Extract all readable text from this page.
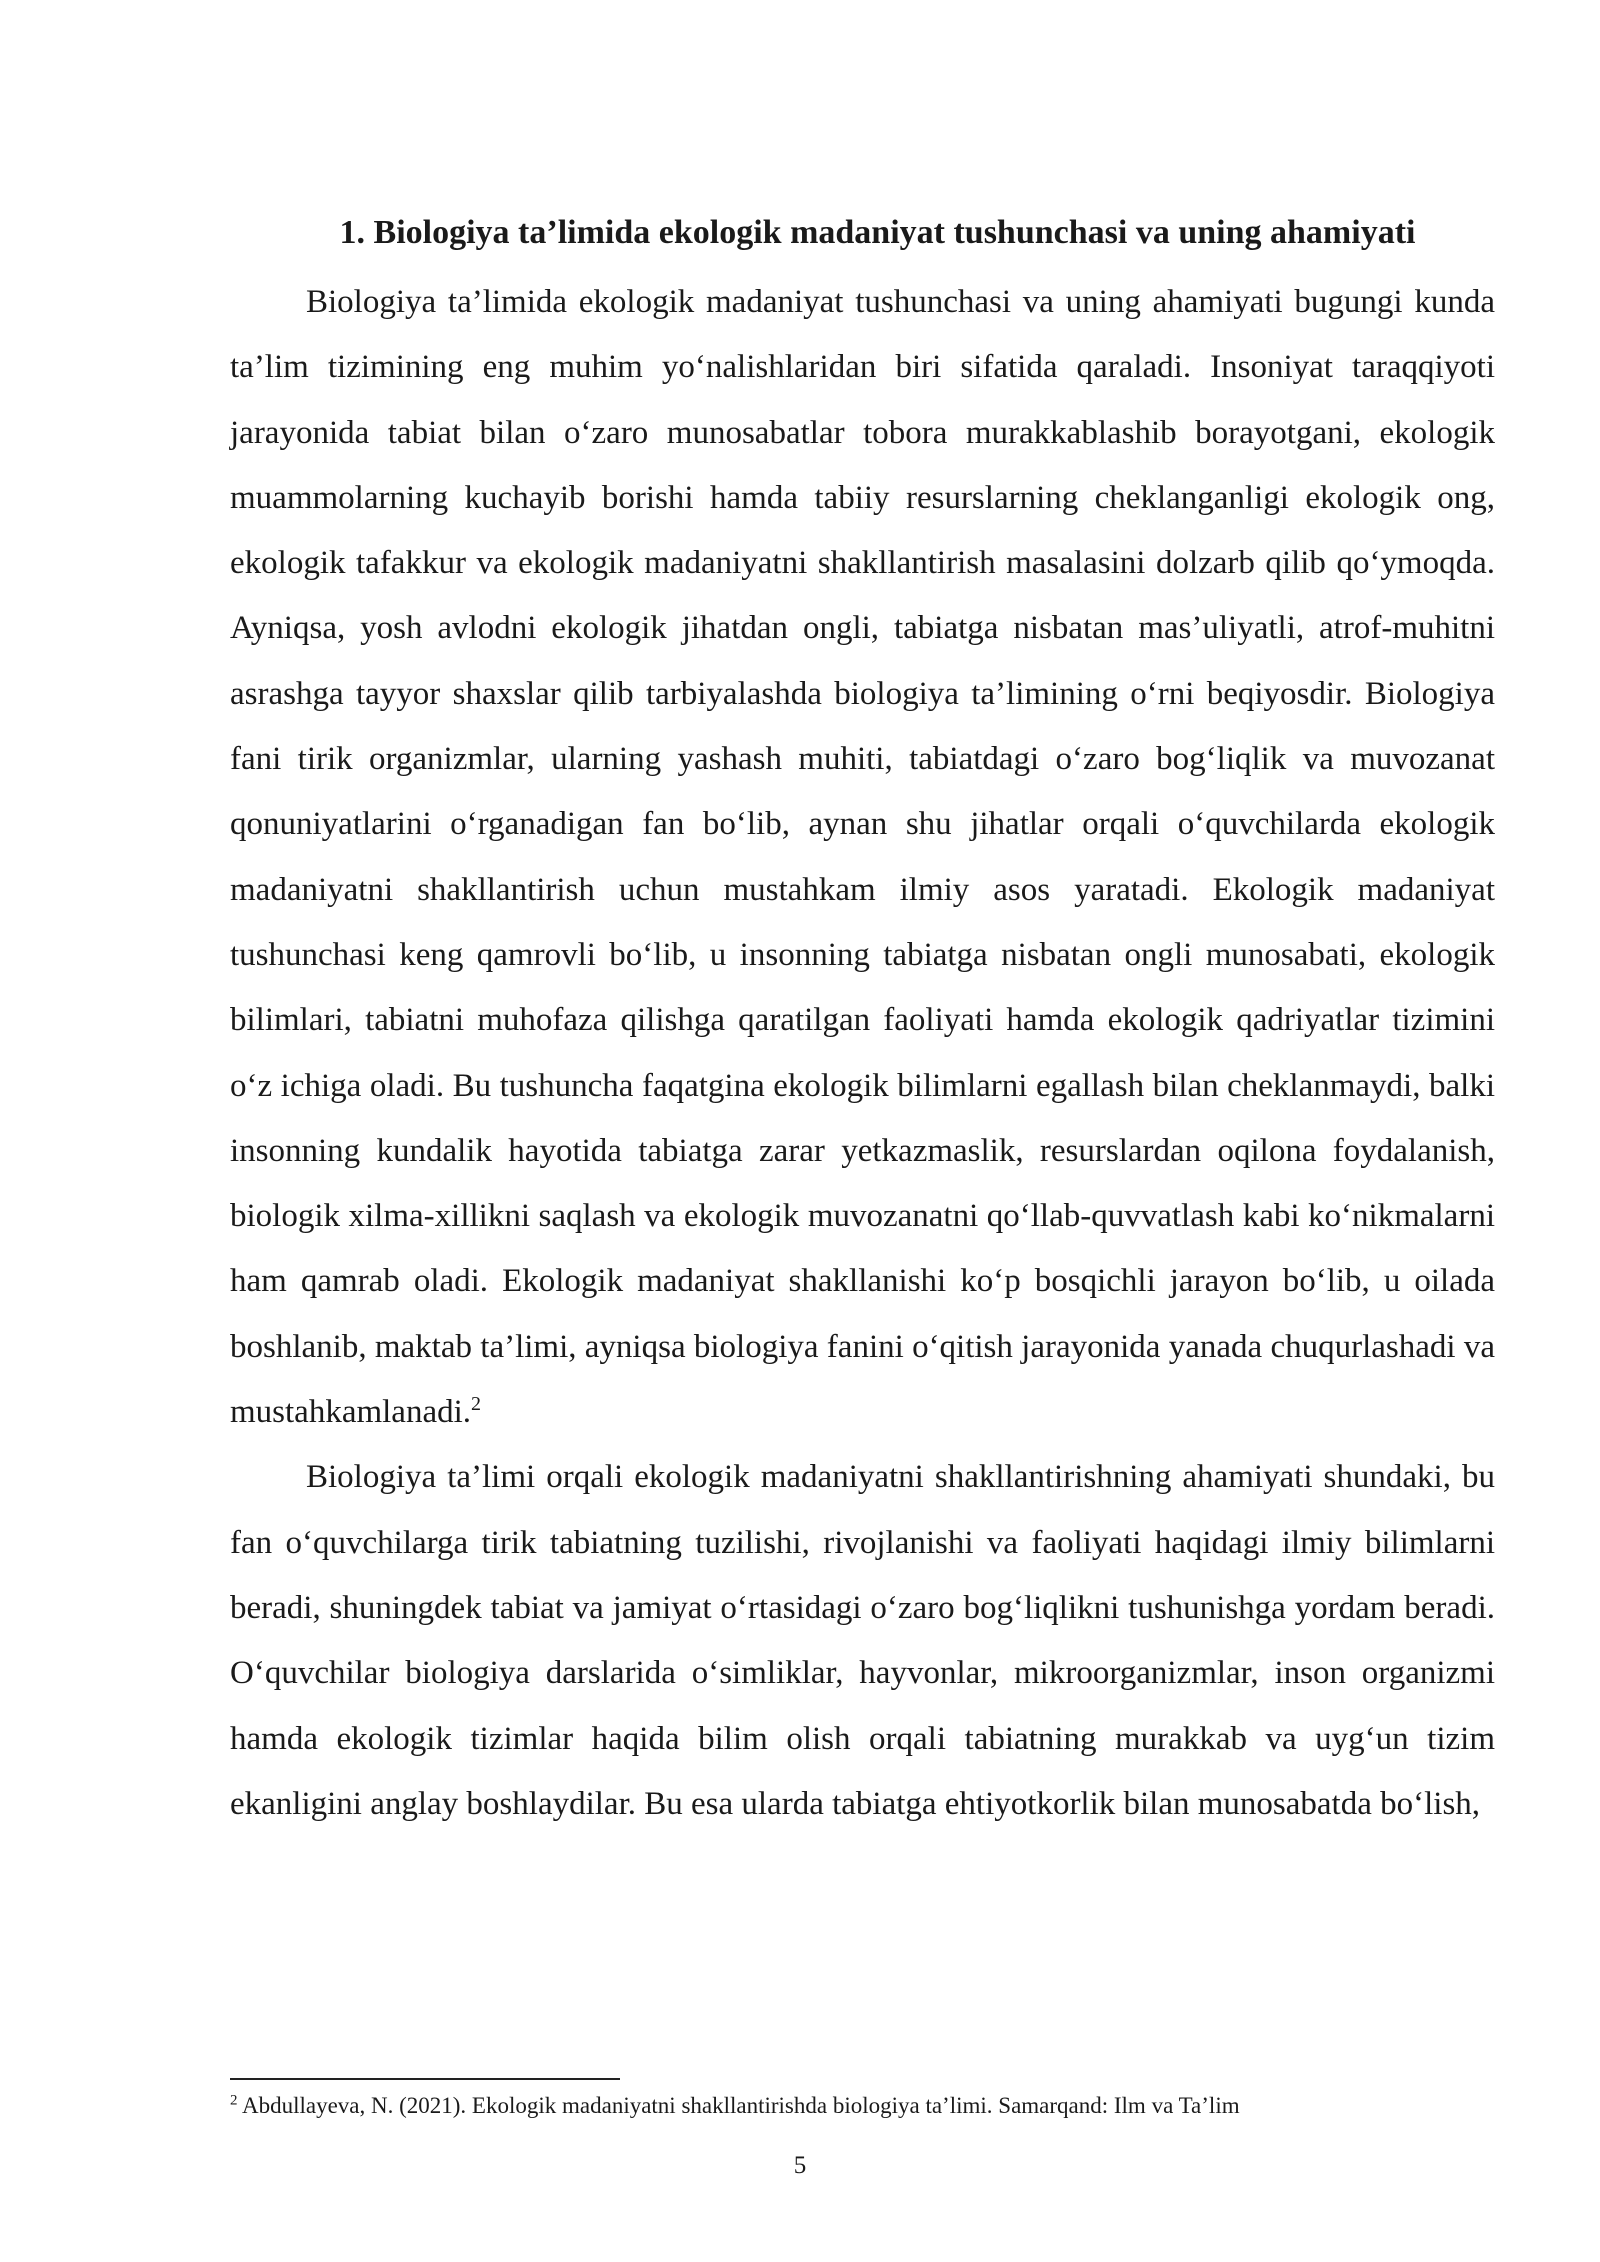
1. Biologiya ta’limida ekologik madaniyat tushunchasi va uning ahamiyati

Biologiya ta’limida ekologik madaniyat tushunchasi va uning ahamiyati bugungi kunda ta’lim tizimining eng muhim yo‘nalishlaridan biri sifatida qaraladi. Insoniyat taraqqiyoti jarayonida tabiat bilan o‘zaro munosabatlar tobora murakkablashib borayotgani, ekologik muammolarning kuchayib borishi hamda tabiiy resurslarning cheklanganligi ekologik ong, ekologik tafakkur va ekologik madaniyatni shakllantirish masalasini dolzarb qilib qo‘ymoqda. Ayniqsa, yosh avlodni ekologik jihatdan ongli, tabiatga nisbatan mas’uliyatli, atrof-muhitni asrashga tayyor shaxslar qilib tarbiyalashda biologiya ta’limining o‘rni beqiyosdir. Biologiya fani tirik organizmlar, ularning yashash muhiti, tabiatdagi o‘zaro bog‘liqlik va muvozanat qonuniyatlarini o‘rganadigan fan bo‘lib, aynan shu jihatlar orqali o‘quvchilarda ekologik madaniyatni shakllantirish uchun mustahkam ilmiy asos yaratadi. Ekologik madaniyat tushunchasi keng qamrovli bo‘lib, u insonning tabiatga nisbatan ongli munosabati, ekologik bilimlari, tabiatni muhofaza qilishga qaratilgan faoliyati hamda ekologik qadriyatlar tizimini o‘z ichiga oladi. Bu tushuncha faqatgina ekologik bilimlarni egallash bilan cheklanmaydi, balki insonning kundalik hayotida tabiatga zarar yetkazmaslik, resurslardan oqilona foydalanish, biologik xilma-xillikni saqlash va ekologik muvozanatni qo‘llab-quvvatlash kabi ko‘nikmalarni ham qamrab oladi. Ekologik madaniyat shakllanishi ko‘p bosqichli jarayon bo‘lib, u oilada boshlanib, maktab ta’limi, ayniqsa biologiya fanini o‘qitish jarayonida yanada chuqurlashadi va mustahkamlanadi.$^2$

Biologiya ta’limi orqali ekologik madaniyatni shakllantirishning ahamiyati shundaki, bu fan o‘quvchilarga tirik tabiatning tuzilishi, rivojlanishi va faoliyati haqidagi ilmiy bilimlarni beradi, shuningdek tabiat va jamiyat o‘rtasidagi o‘zaro bog‘liqlikni tushunishga yordam beradi. O‘quvchilar biologiya darslarida o‘simliklar, hayvonlar, mikroorganizmlar, inson organizmi hamda ekologik tizimlar haqida bilim olish orqali tabiatning murakkab va uyg‘un tizim ekanligini anglay boshlaydilar. Bu esa ularda tabiatga ehtiyotkorlik bilan munosabatda bo‘lish,

$^2$ Abdullayeva, N. (2021). Ekologik madaniyatni shakllantirishda biologiya ta’limi. Samarqand: Ilm va Ta’lim
5
